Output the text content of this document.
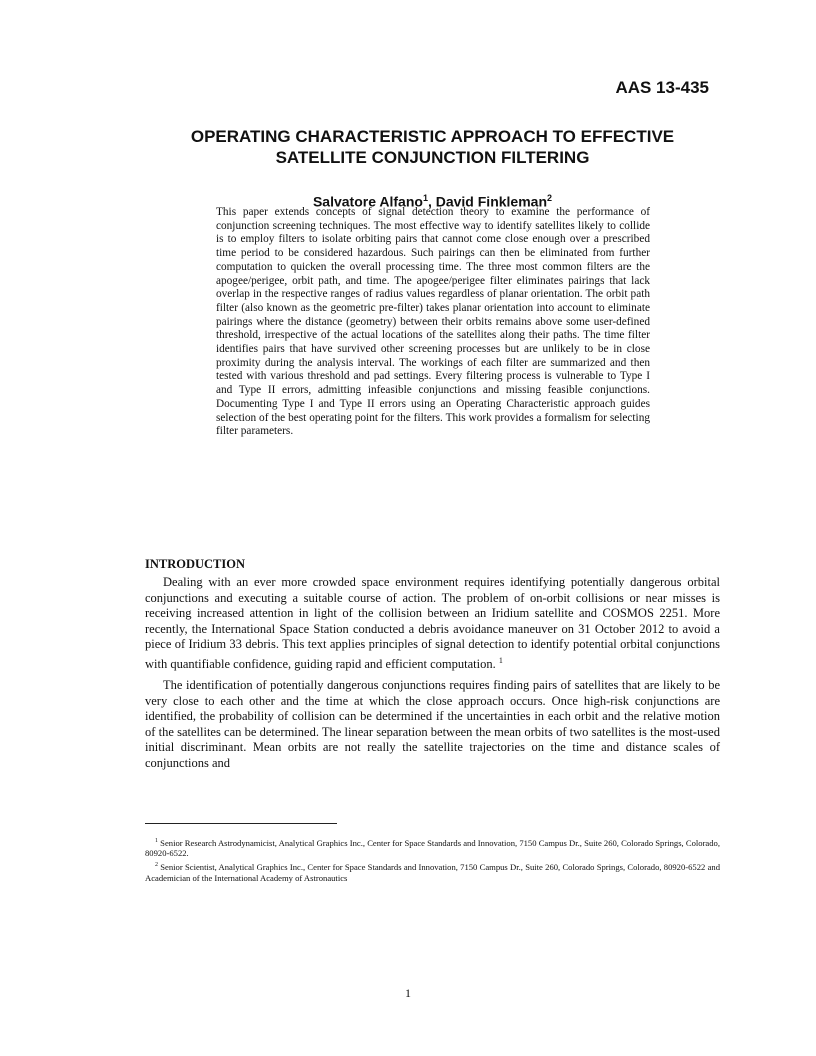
AAS 13-435
OPERATING CHARACTERISTIC APPROACH TO EFFECTIVE
SATELLITE CONJUNCTION FILTERING
Salvatore Alfano$^1$, David Finkleman$^2$

This paper extends concepts of signal detection theory to examine the performance of conjunction screening techniques. The most effective way to identify satellites likely to collide is to employ filters to isolate orbiting pairs that cannot come close enough over a prescribed time period to be considered hazardous. Such pairings can then be eliminated from further computation to quicken the overall processing time. The three most common filters are the apogee/perigee, orbit path, and time. The apogee/perigee filter eliminates pairings that lack overlap in the respective ranges of radius values regardless of planar orientation. The orbit path filter (also known as the geometric pre-filter) takes planar orientation into account to eliminate pairings where the distance (geometry) between their orbits remains above some user-defined threshold, irrespective of the actual locations of the satellites along their paths. The time filter identifies pairs that have survived other screening processes but are unlikely to be in close proximity during the analysis interval. The workings of each filter are summarized and then tested with various threshold and pad settings. Every filtering process is vulnerable to Type I and Type II errors, admitting infeasible conjunctions and missing feasible conjunctions. Documenting Type I and Type II errors using an Operating Characteristic approach guides selection of the best operating point for the filters. This work provides a formalism for selecting filter parameters.

INTRODUCTION

Dealing with an ever more crowded space environment requires identifying potentially dangerous orbital conjunctions and executing a suitable course of action. The problem of on-orbit collisions or near misses is receiving increased attention in light of the collision between an Iridium satellite and COSMOS 2251. More recently, the International Space Station conducted a debris avoidance maneuver on 31 October 2012 to avoid a piece of Iridium 33 debris. This text applies principles of signal detection to identify potential orbital conjunctions with quantifiable confidence, guiding rapid and efficient computation. $^1$

The identification of potentially dangerous conjunctions requires finding pairs of satellites that are likely to be very close to each other and the time at which the close approach occurs. Once high-risk conjunctions are identified, the probability of collision can be determined if the uncertainties in each orbit and the relative motion of the satellites can be determined. The linear separation between the mean orbits of two satellites is the most-used initial discriminant. Mean orbits are not really the satellite trajectories on the time and distance scales of conjunctions and

$^1$ Senior Research Astrodynamicist, Analytical Graphics Inc., Center for Space Standards and Innovation, 7150 Campus Dr., Suite 260, Colorado Springs, Colorado, 80920-6522.

$^2$ Senior Scientist, Analytical Graphics Inc., Center for Space Standards and Innovation, 7150 Campus Dr., Suite 260, Colorado Springs, Colorado, 80920-6522 and Academician of the International Academy of Astronautics

1
